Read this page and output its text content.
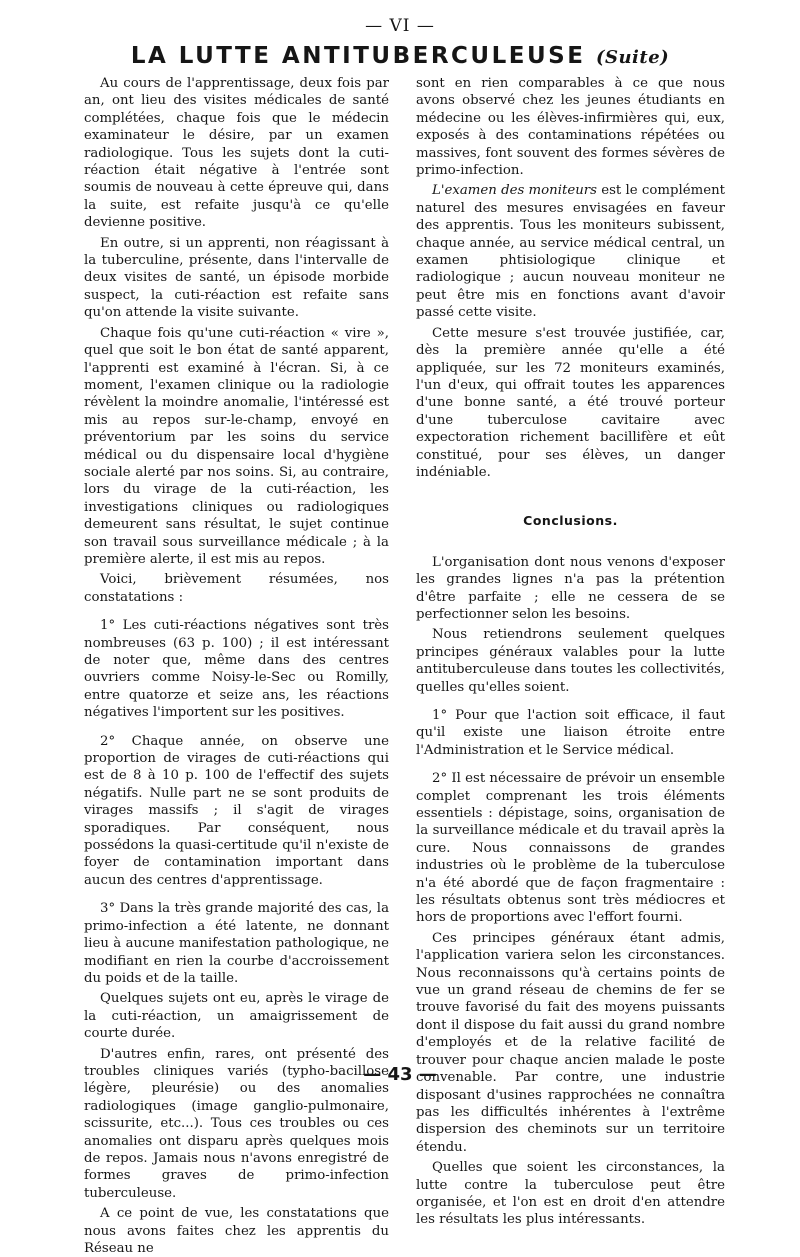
— VI —
LA LUTTE ANTITUBERCULEUSE (Suite)

Au cours de l'apprentissage, deux fois par an, ont lieu des visites médicales de santé complétées, chaque fois que le médecin examinateur le désire, par un examen radiologique. Tous les sujets dont la cuti-réaction était négative à l'entrée sont soumis de nouveau à cette épreuve qui, dans la suite, est refaite jusqu'à ce qu'elle devienne positive.

En outre, si un apprenti, non réagissant à la tuberculine, présente, dans l'intervalle de deux visites de santé, un épisode morbide suspect, la cuti-réaction est refaite sans qu'on attende la visite suivante.

Chaque fois qu'une cuti-réaction « vire », quel que soit le bon état de santé apparent, l'apprenti est examiné à l'écran. Si, à ce moment, l'examen clinique ou la radiologie révèlent la moindre anomalie, l'intéressé est mis au repos sur-le-champ, envoyé en préventorium par les soins du service médical ou du dispensaire local d'hygiène sociale alerté par nos soins. Si, au contraire, lors du virage de la cuti-réaction, les investigations cliniques ou radiologiques demeurent sans résultat, le sujet continue son travail sous surveillance médicale ; à la première alerte, il est mis au repos.

Voici, brièvement résumées, nos constatations :

1° Les cuti-réactions négatives sont très nombreuses (63 p. 100) ; il est intéressant de noter que, même dans des centres ouvriers comme Noisy-le-Sec ou Romilly, entre quatorze et seize ans, les réactions négatives l'importent sur les positives.

2° Chaque année, on observe une proportion de virages de cuti-réactions qui est de 8 à 10 p. 100 de l'effectif des sujets négatifs. Nulle part ne se sont produits de virages massifs ; il s'agit de virages sporadiques. Par conséquent, nous possédons la quasi-certitude qu'il n'existe de foyer de contamination important dans aucun des centres d'apprentissage.

3° Dans la très grande majorité des cas, la primo-infection a été latente, ne donnant lieu à aucune manifestation pathologique, ne modifiant en rien la courbe d'accroissement du poids et de la taille.

Quelques sujets ont eu, après le virage de la cuti-réaction, un amaigrissement de courte durée.

D'autres enfin, rares, ont présenté des troubles cliniques variés (typho-bacillose légère, pleurésie) ou des anomalies radiologiques (image ganglio-pulmonaire, scissurite, etc...). Tous ces troubles ou ces anomalies ont disparu après quelques mois de repos. Jamais nous n'avons enregistré de formes graves de primo-infection tuberculeuse.

A ce point de vue, les constatations que nous avons faites chez les apprentis du Réseau ne

sont en rien comparables à ce que nous avons observé chez les jeunes étudiants en médecine ou les élèves-infirmières qui, eux, exposés à des contaminations répétées ou massives, font souvent des formes sévères de primo-infection.

L'examen des moniteurs est le complément naturel des mesures envisagées en faveur des apprentis. Tous les moniteurs subissent, chaque année, au service médical central, un examen phtisiologique clinique et radiologique ; aucun nouveau moniteur ne peut être mis en fonctions avant d'avoir passé cette visite.

Cette mesure s'est trouvée justifiée, car, dès la première année qu'elle a été appliquée, sur les 72 moniteurs examinés, l'un d'eux, qui offrait toutes les apparences d'une bonne santé, a été trouvé porteur d'une tuberculose cavitaire avec expectoration richement bacillifère et eût constitué, pour ses élèves, un danger indéniable.

Conclusions.

L'organisation dont nous venons d'exposer les grandes lignes n'a pas la prétention d'être parfaite ; elle ne cessera de se perfectionner selon les besoins.

Nous retiendrons seulement quelques principes généraux valables pour la lutte antituberculeuse dans toutes les collectivités, quelles qu'elles soient.

1° Pour que l'action soit efficace, il faut qu'il existe une liaison étroite entre l'Administration et le Service médical.

2° Il est nécessaire de prévoir un ensemble complet comprenant les trois éléments essentiels : dépistage, soins, organisation de la surveillance médicale et du travail après la cure. Nous connaissons de grandes industries où le problème de la tuberculose n'a été abordé que de façon fragmentaire : les résultats obtenus sont très médiocres et hors de proportions avec l'effort fourni.

Ces principes généraux étant admis, l'application variera selon les circonstances. Nous reconnaissons qu'à certains points de vue un grand réseau de chemins de fer se trouve favorisé du fait des moyens puissants dont il dispose du fait aussi du grand nombre d'employés et de la relative facilité de trouver pour chaque ancien malade le poste convenable. Par contre, une industrie disposant d'usines rapprochées ne connaîtra pas les difficultés inhérentes à l'extrême dispersion des cheminots sur un territoire étendu.

Quelles que soient les circonstances, la lutte contre la tuberculose peut être organisée, et l'on est en droit d'en attendre les résultats les plus intéressants.

— 43 —
